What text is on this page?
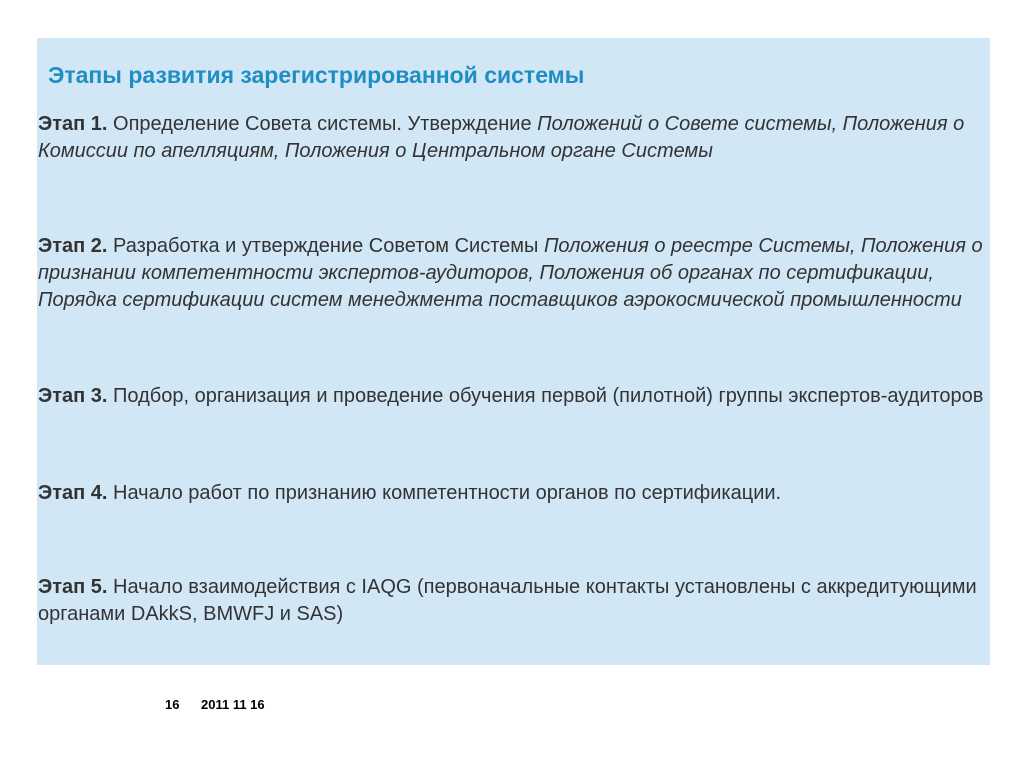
Этапы развития зарегистрированной системы

Этап 1. Определение Совета системы. Утверждение Положений о Совете системы, Положения о Комиссии по апелляциям, Положения о Центральном органе Системы

Этап 2. Разработка и утверждение Советом Системы Положения о реестре Системы, Положения о признании компетентности экспертов-аудиторов, Положения об органах по сертификации, Порядка сертификации систем менеджмента поставщиков аэрокосмической промышленности

Этап 3. Подбор, организация и проведение обучения первой (пилотной) группы экспертов-аудиторов

Этап 4. Начало работ по признанию компетентности органов по сертификации.

Этап 5. Начало взаимодействия с IAQG (первоначальные контакты установлены с аккредитующими органами DAkkS, BMWFJ и SAS)

16 2011 11 16
